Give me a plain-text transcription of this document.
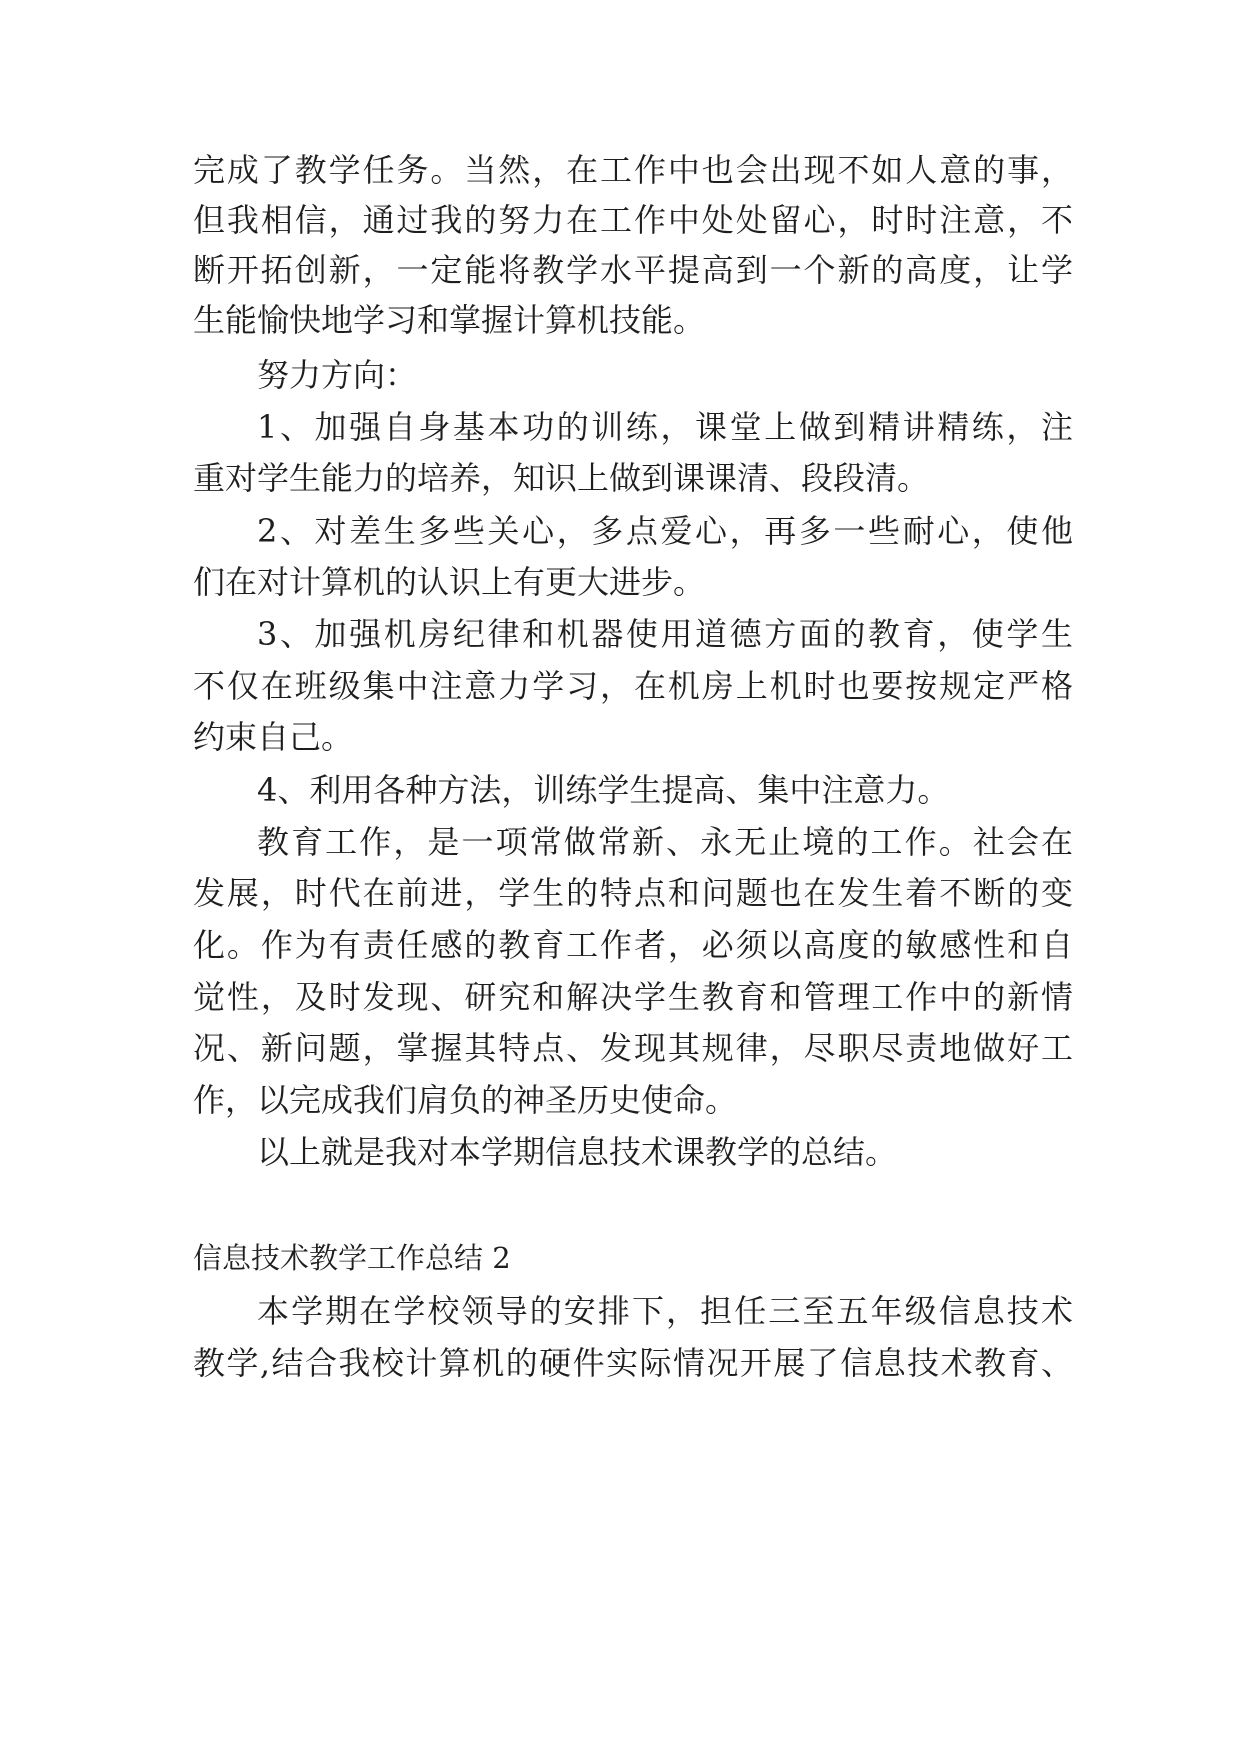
完成了教学任务。当然，在工作中也会出现不如人意的事，
但我相信，通过我的努力在工作中处处留心，时时注意，不
断开拓创新，一定能将教学水平提高到一个新的高度，让学
生能愉快地学习和掌握计算机技能。
努力方向：
1、加强自身基本功的训练，课堂上做到精讲精练，注
重对学生能力的培养，知识上做到课课清、段段清。
2、对差生多些关心，多点爱心，再多一些耐心，使他
们在对计算机的认识上有更大进步。
3、加强机房纪律和机器使用道德方面的教育，使学生
不仅在班级集中注意力学习，在机房上机时也要按规定严格
约束自己。
4、利用各种方法，训练学生提高、集中注意力。
教育工作，是一项常做常新、永无止境的工作。社会在
发展，时代在前进，学生的特点和问题也在发生着不断的变
化。作为有责任感的教育工作者，必须以高度的敏感性和自
觉性，及时发现、研究和解决学生教育和管理工作中的新情
况、新问题，掌握其特点、发现其规律，尽职尽责地做好工
作，以完成我们肩负的神圣历史使命。
以上就是我对本学期信息技术课教学的总结。
信息技术教学工作总结 2
本学期在学校领导的安排下，担任三至五年级信息技术
教学,结合我校计算机的硬件实际情况开展了信息技术教育、
